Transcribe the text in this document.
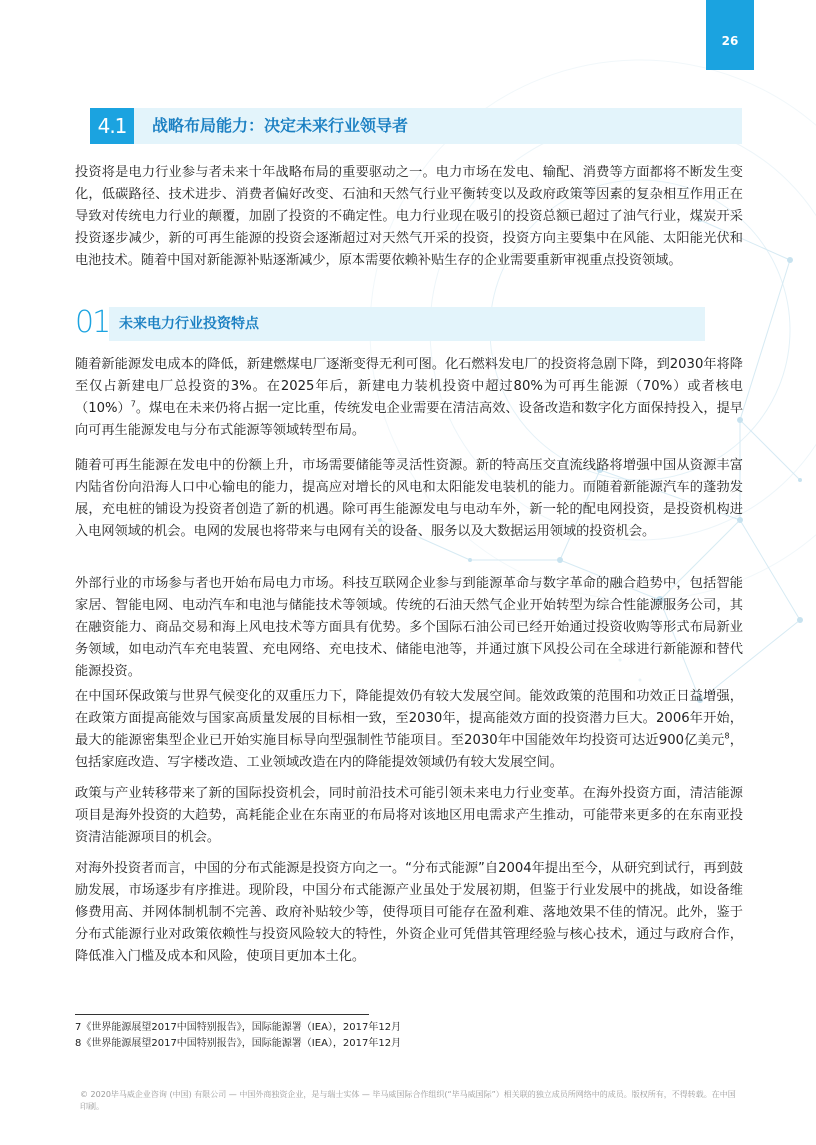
26
4.1	战略布局能力：决定未来行业领导者

投资将是电力行业参与者未来十年战略布局的重要驱动之一。电力市场在发电、输配、消费等方面都将不断发生变化，低碳路径、技术进步、消费者偏好改变、石油和天然气行业平衡转变以及政府政策等因素的复杂相互作用正在导致对传统电力行业的颠覆，加剧了投资的不确定性。电力行业现在吸引的投资总额已超过了油气行业，煤炭开采投资逐步减少，新的可再生能源的投资会逐渐超过对天然气开采的投资，投资方向主要集中在风能、太阳能光伏和电池技术。随着中国对新能源补贴逐渐减少，原本需要依赖补贴生存的企业需要重新审视重点投资领域。

01 未来电力行业投资特点

随着新能源发电成本的降低，新建燃煤电厂逐渐变得无利可图。化石燃料发电厂的投资将急剧下降，到2030年将降至仅占新建电厂总投资的3%。在2025年后，新建电力装机投资中超过80%为可再生能源（70%）或者核电$(10\%)^7$。煤电在未来仍将占据一定比重，传统发电企业需要在清洁高效、设备改造和数字化方面保持投入，提早向可再生能源发电与分布式能源等领域转型布局。

随着可再生能源在发电中的份额上升，市场需要储能等灵活性资源。新的特高压交直流线路将增强中国从资源丰富内陆省份向沿海人口中心输电的能力，提高应对增长的风电和太阳能发电装机的能力。而随着新能源汽车的蓬勃发展，充电桩的铺设为投资者创造了新的机遇。除可再生能源发电与电动车外，新一轮的配电网投资，是投资机构进入电网领域的机会。电网的发展也将带来与电网有关的设备、服务以及大数据运用领域的投资机会。

外部行业的市场参与者也开始布局电力市场。科技互联网企业参与到能源革命与数字革命的融合趋势中，包括智能家居、智能电网、电动汽车和电池与储能技术等领域。传统的石油天然气企业开始转型为综合性能源服务公司，其在融资能力、商品交易和海上风电技术等方面具有优势。多个国际石油公司已经开始通过投资收购等形式布局新业务领域，如电动汽车充电装置、充电网络、充电技术、储能电池等，并通过旗下风投公司在全球进行新能源和替代能源投资。

在中国环保政策与世界气候变化的双重压力下，降能提效仍有较大发展空间。能效政策的范围和功效正日益增强，在政策方面提高能效与国家高质量发展的目标相一致，至2030年，提高能效方面的投资潜力巨大。2006年开始，最大的能源密集型企业已开始实施目标导向型强制性节能项目。至2030年中国能效年均投资可达近900亿美元$^8$，包括家庭改造、写字楼改造、工业领域改造在内的降能提效领域仍有较大发展空间。

政策与产业转移带来了新的国际投资机会，同时前沿技术可能引领未来电力行业变革。在海外投资方面，清洁能源项目是海外投资的大趋势，高耗能企业在东南亚的布局将对该地区用电需求产生推动，可能带来更多的在东南亚投资清洁能源项目的机会。

对海外投资者而言，中国的分布式能源是投资方向之一。“分布式能源”自2004年提出至今，从研究到试行，再到鼓励发展，市场逐步有序推进。现阶段，中国分布式能源产业虽处于发展初期，但鉴于行业发展中的挑战，如设备维修费用高、并网体制机制不完善、政府补贴较少等，使得项目可能存在盈利难、落地效果不佳的情况。此外，鉴于分布式能源行业对政策依赖性与投资风险较大的特性，外资企业可凭借其管理经验与核心技术，通过与政府合作，降低准入门槛及成本和风险，使项目更加本土化。

7《世界能源展望2017中国特别报告》，国际能源署（IEA），2017年12月
8《世界能源展望2017中国特别报告》，国际能源署（IEA），2017年12月
© 2020毕马威企业咨询 (中国) 有限公司 — 中国外商独资企业，是与瑞士实体 — 毕马威国际合作组织(“毕马威国际”）相关联的独立成员所网络中的成员。版权所有，不得转载。在中国印刷。
